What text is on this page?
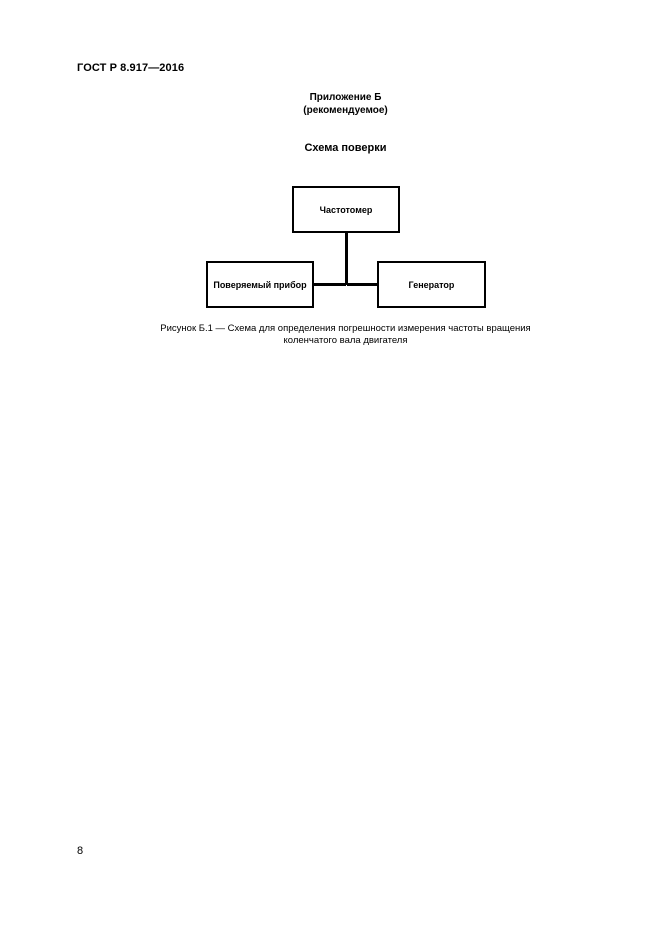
ГОСТ Р 8.917—2016
Приложение Б
(рекомендуемое)
Схема поверки
Частотомер
Поверяемый прибор	Генератор
Рисунок Б.1 — Схема для определения погрешности измерения частоты вращения
коленчатого вала двигателя
8
